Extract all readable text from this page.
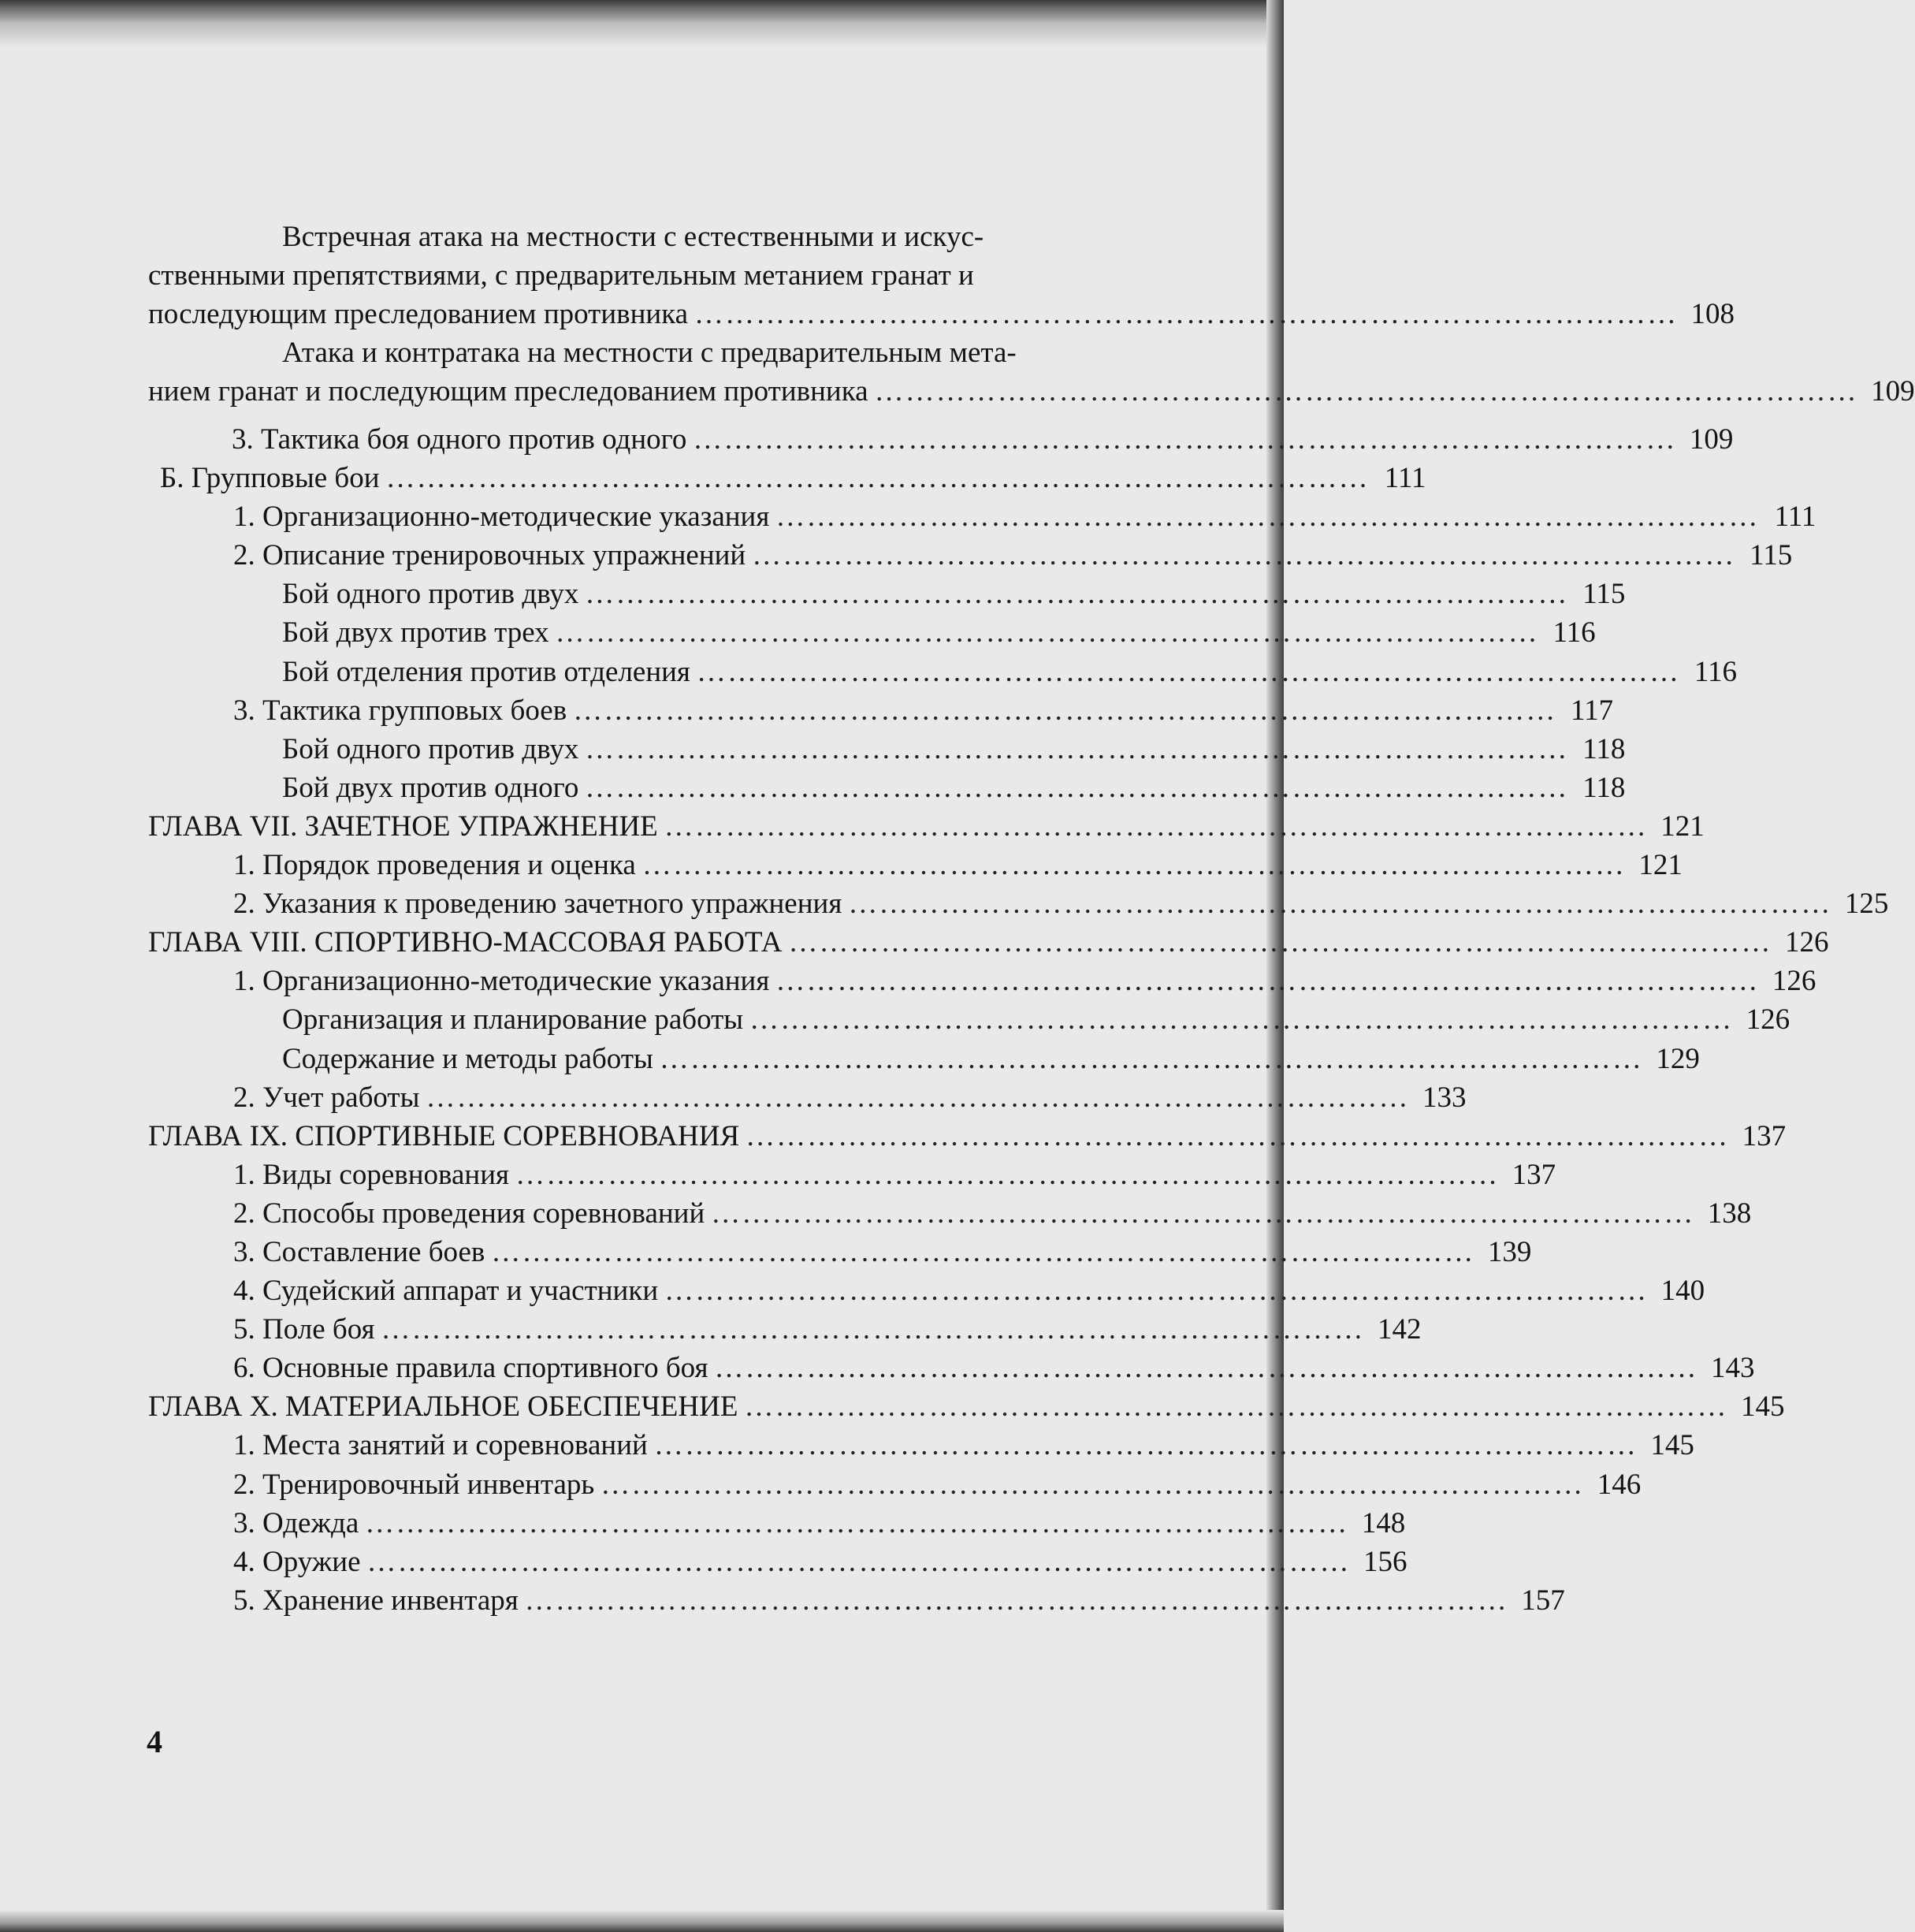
Встречная атака на местности с естественными и искус-
ственными препятствиями, с предварительным метанием гранат и
последующим преследованием противника …………………………………………………………………………………… 108
Атака и контратака на местности с предварительным мета-
нием гранат и последующим преследованием противника …………………………………………………………………………………… 109
3. Тактика боя одного против одного …………………………………………………………………………………… 109
Б. Групповые бои …………………………………………………………………………………… 111
1. Организационно-методические указания …………………………………………………………………………………… 111
2. Описание тренировочных упражнений …………………………………………………………………………………… 115
Бой одного против двух …………………………………………………………………………………… 115
Бой двух против трех …………………………………………………………………………………… 116
Бой отделения против отделения …………………………………………………………………………………… 116
3. Тактика групповых боев …………………………………………………………………………………… 117
Бой одного против двух …………………………………………………………………………………… 118
Бой двух против одного …………………………………………………………………………………… 118
ГЛАВА VII. ЗАЧЕТНОЕ УПРАЖНЕНИЕ …………………………………………………………………………………… 121
1. Порядок проведения и оценка …………………………………………………………………………………… 121
2. Указания к проведению зачетного упражнения …………………………………………………………………………………… 125
ГЛАВА VIII. СПОРТИВНО-МАССОВАЯ РАБОТА …………………………………………………………………………………… 126
1. Организационно-методические указания …………………………………………………………………………………… 126
Организация и планирование работы …………………………………………………………………………………… 126
Содержание и методы работы …………………………………………………………………………………… 129
2. Учет работы …………………………………………………………………………………… 133
ГЛАВА IX. СПОРТИВНЫЕ СОРЕВНОВАНИЯ …………………………………………………………………………………… 137
1. Виды соревнования …………………………………………………………………………………… 137
2. Способы проведения соревнований …………………………………………………………………………………… 138
3. Составление боев …………………………………………………………………………………… 139
4. Судейский аппарат и участники …………………………………………………………………………………… 140
5. Поле боя …………………………………………………………………………………… 142
6. Основные правила спортивного боя …………………………………………………………………………………… 143
ГЛАВА X. МАТЕРИАЛЬНОЕ ОБЕСПЕЧЕНИЕ …………………………………………………………………………………… 145
1. Места занятий и соревнований …………………………………………………………………………………… 145
2. Тренировочный инвентарь …………………………………………………………………………………… 146
3. Одежда …………………………………………………………………………………… 148
4. Оружие …………………………………………………………………………………… 156
5. Хранение инвентаря …………………………………………………………………………………… 157
4
